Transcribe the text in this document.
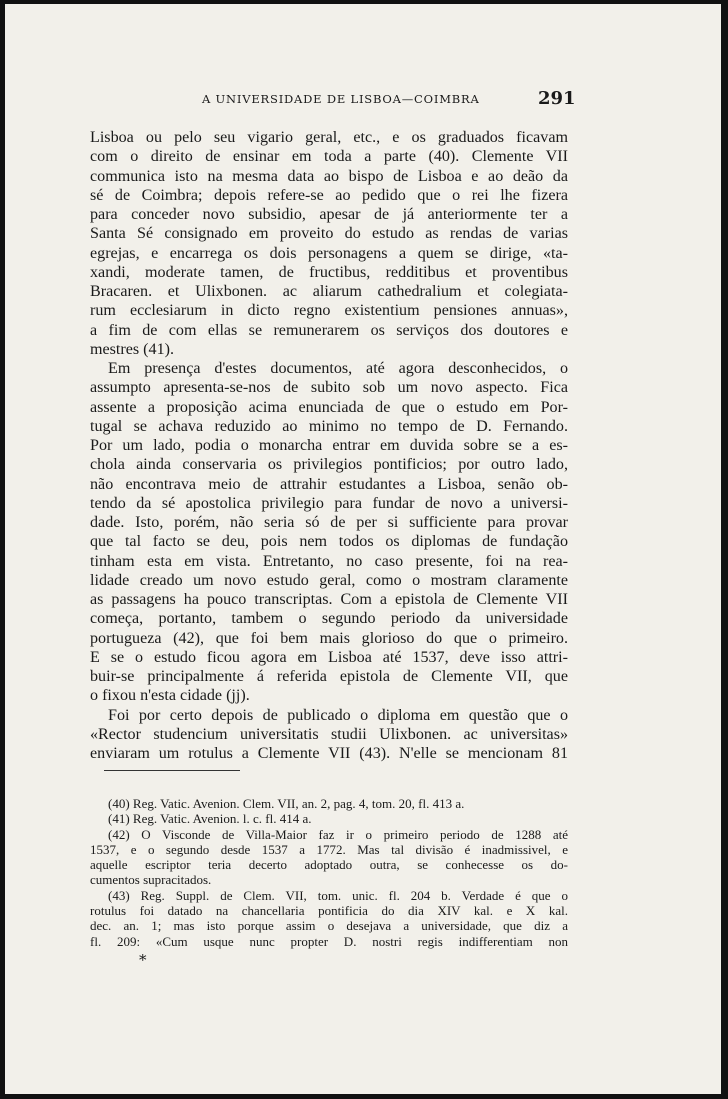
A UNIVERSIDADE DE LISBOA—COIMBRA	291
Lisboa ou pelo seu vigario geral, etc., e os graduados ficavam
com o direito de ensinar em toda a parte (40). Clemente VII
communica isto na mesma data ao bispo de Lisboa e ao deão da
sé de Coimbra; depois refere-se ao pedido que o rei lhe fizera
para conceder novo subsidio, apesar de já anteriormente ter a
Santa Sé consignado em proveito do estudo as rendas de varias
egrejas, e encarrega os dois personagens a quem se dirige, «ta-
xandi, moderate tamen, de fructibus, redditibus et proventibus
Bracaren. et Ulixbonen. ac aliarum cathedralium et colegiata-
rum ecclesiarum in dicto regno existentium pensiones annuas»,
a fim de com ellas se remunerarem os serviços dos doutores e
mestres (41).
Em presença d'estes documentos, até agora desconhecidos, o
assumpto apresenta-se-nos de subito sob um novo aspecto. Fica
assente a proposição acima enunciada de que o estudo em Por-
tugal se achava reduzido ao minimo no tempo de D. Fernando.
Por um lado, podia o monarcha entrar em duvida sobre se a es-
chola ainda conservaria os privilegios pontificios; por outro lado,
não encontrava meio de attrahir estudantes a Lisboa, senão ob-
tendo da sé apostolica privilegio para fundar de novo a universi-
dade. Isto, porém, não seria só de per si sufficiente para provar
que tal facto se deu, pois nem todos os diplomas de fundação
tinham esta em vista. Entretanto, no caso presente, foi na rea-
lidade creado um novo estudo geral, como o mostram claramente
as passagens ha pouco transcriptas. Com a epistola de Clemente VII
começa, portanto, tambem o segundo periodo da universidade
portugueza (42), que foi bem mais glorioso do que o primeiro.
E se o estudo ficou agora em Lisboa até 1537, deve isso attri-
buir-se principalmente á referida epistola de Clemente VII, que
o fixou n'esta cidade (jj).
Foi por certo depois de publicado o diploma em questão que o
«Rector studencium universitatis studii Ulixbonen. ac universitas»
enviaram um rotulus a Clemente VII (43). N'elle se mencionam 81
(40) Reg. Vatic. Avenion. Clem. VII, an. 2, pag. 4, tom. 20, fl. 413 a.
(41) Reg. Vatic. Avenion. l. c. fl. 414 a.
(42) O Visconde de Villa-Maior faz ir o primeiro periodo de 1288 até
1537, e o segundo desde 1537 a 1772. Mas tal divisão é inadmissivel, e
aquelle escriptor teria decerto adoptado outra, se conhecesse os do-
cumentos supracitados.
(43) Reg. Suppl. de Clem. VII, tom. unic. fl. 204 b. Verdade é que o
rotulus foi datado na chancellaria pontificia do dia XIV kal. e X kal.
dec. an. 1; mas isto porque assim o desejava a universidade, que diz a
fl. 209: «Cum usque nunc propter D. nostri regis indifferentiam non
*
